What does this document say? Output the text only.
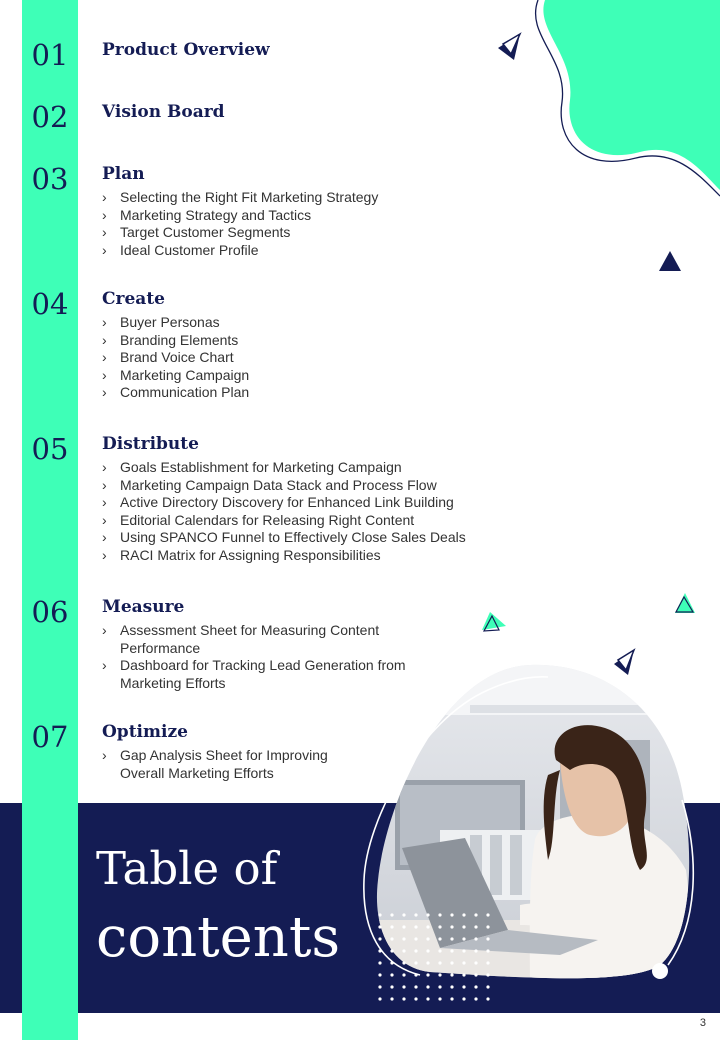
01	Product Overview
02	Vision Board
03	Plan
› Selecting the Right Fit Marketing Strategy
› Marketing Strategy and Tactics
› Target Customer Segments
› Ideal Customer Profile
04	Create
› Buyer Personas
› Branding Elements
› Brand Voice Chart
› Marketing Campaign
› Communication Plan
05	Distribute
› Goals Establishment for Marketing Campaign
› Marketing Campaign Data Stack and Process Flow
› Active Directory Discovery for Enhanced Link Building
› Editorial Calendars for Releasing Right Content
› Using SPANCO Funnel to Effectively Close Sales Deals
› RACI Matrix for Assigning Responsibilities
06	Measure
› Assessment Sheet for Measuring Content Performance
› Dashboard for Tracking Lead Generation from Marketing Efforts
07	Optimize
› Gap Analysis Sheet for Improving Overall Marketing Efforts
Table of
contents
3
